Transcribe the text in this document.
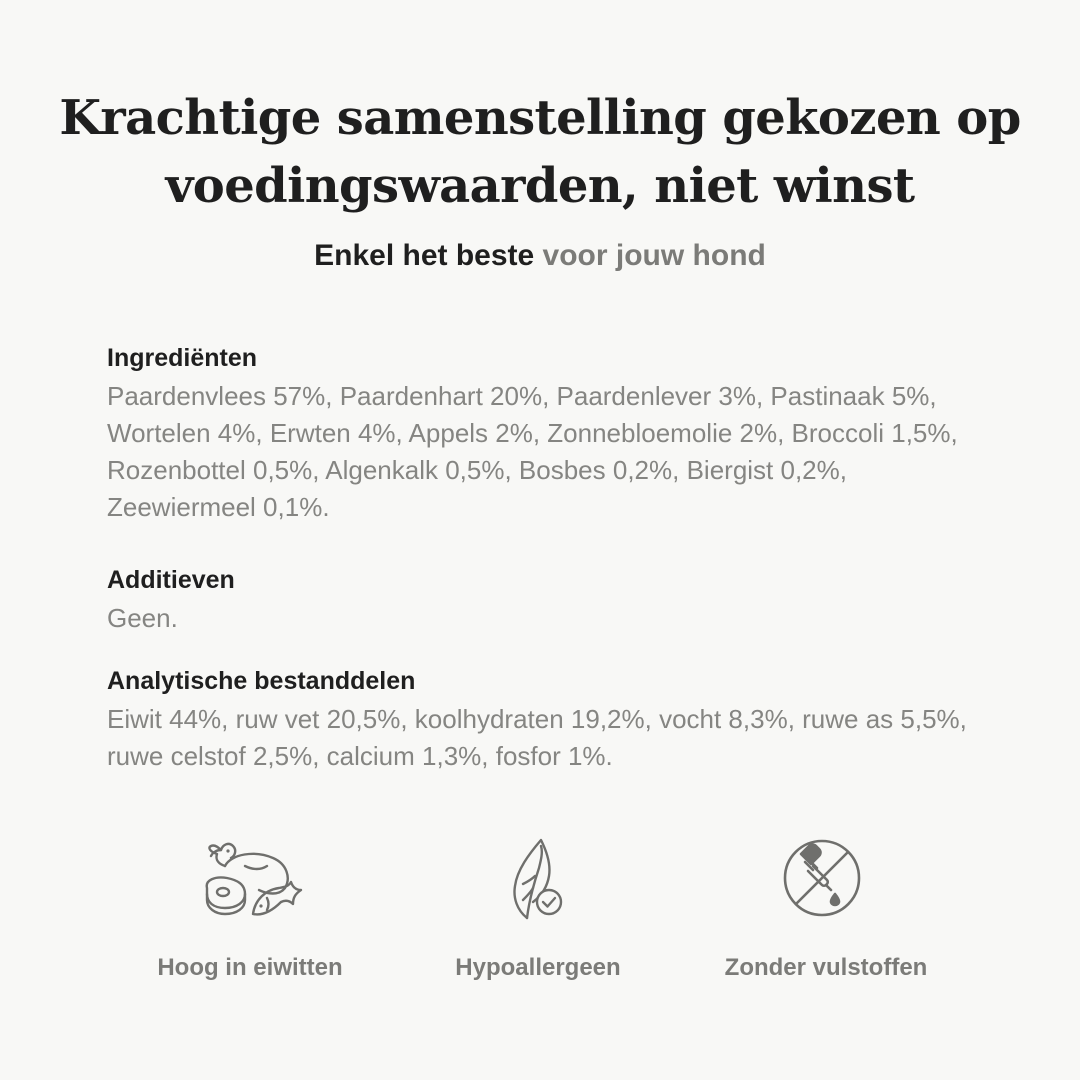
Krachtige samenstelling gekozen op voedingswaarden, niet winst

Enkel het beste voor jouw hond

Ingrediënten

Paardenvlees 57%, Paardenhart 20%, Paardenlever 3%, Pastinaak 5%, Wortelen 4%, Erwten 4%, Appels 2%, Zonnebloemolie 2%, Broccoli 1,5%, Rozenbottel 0,5%, Algenkalk 0,5%, Bosbes 0,2%, Biergist 0,2%, Zeewiermeel 0,1%.

Additieven

Geen.

Analytische bestanddelen

Eiwit 44%, ruw vet 20,5%, koolhydraten 19,2%, vocht 8,3%, ruwe as 5,5%, ruwe celstof 2,5%, calcium 1,3%, fosfor 1%.

Hoog in eiwitten	Hypoallergeen	Zonder vulstoffen
